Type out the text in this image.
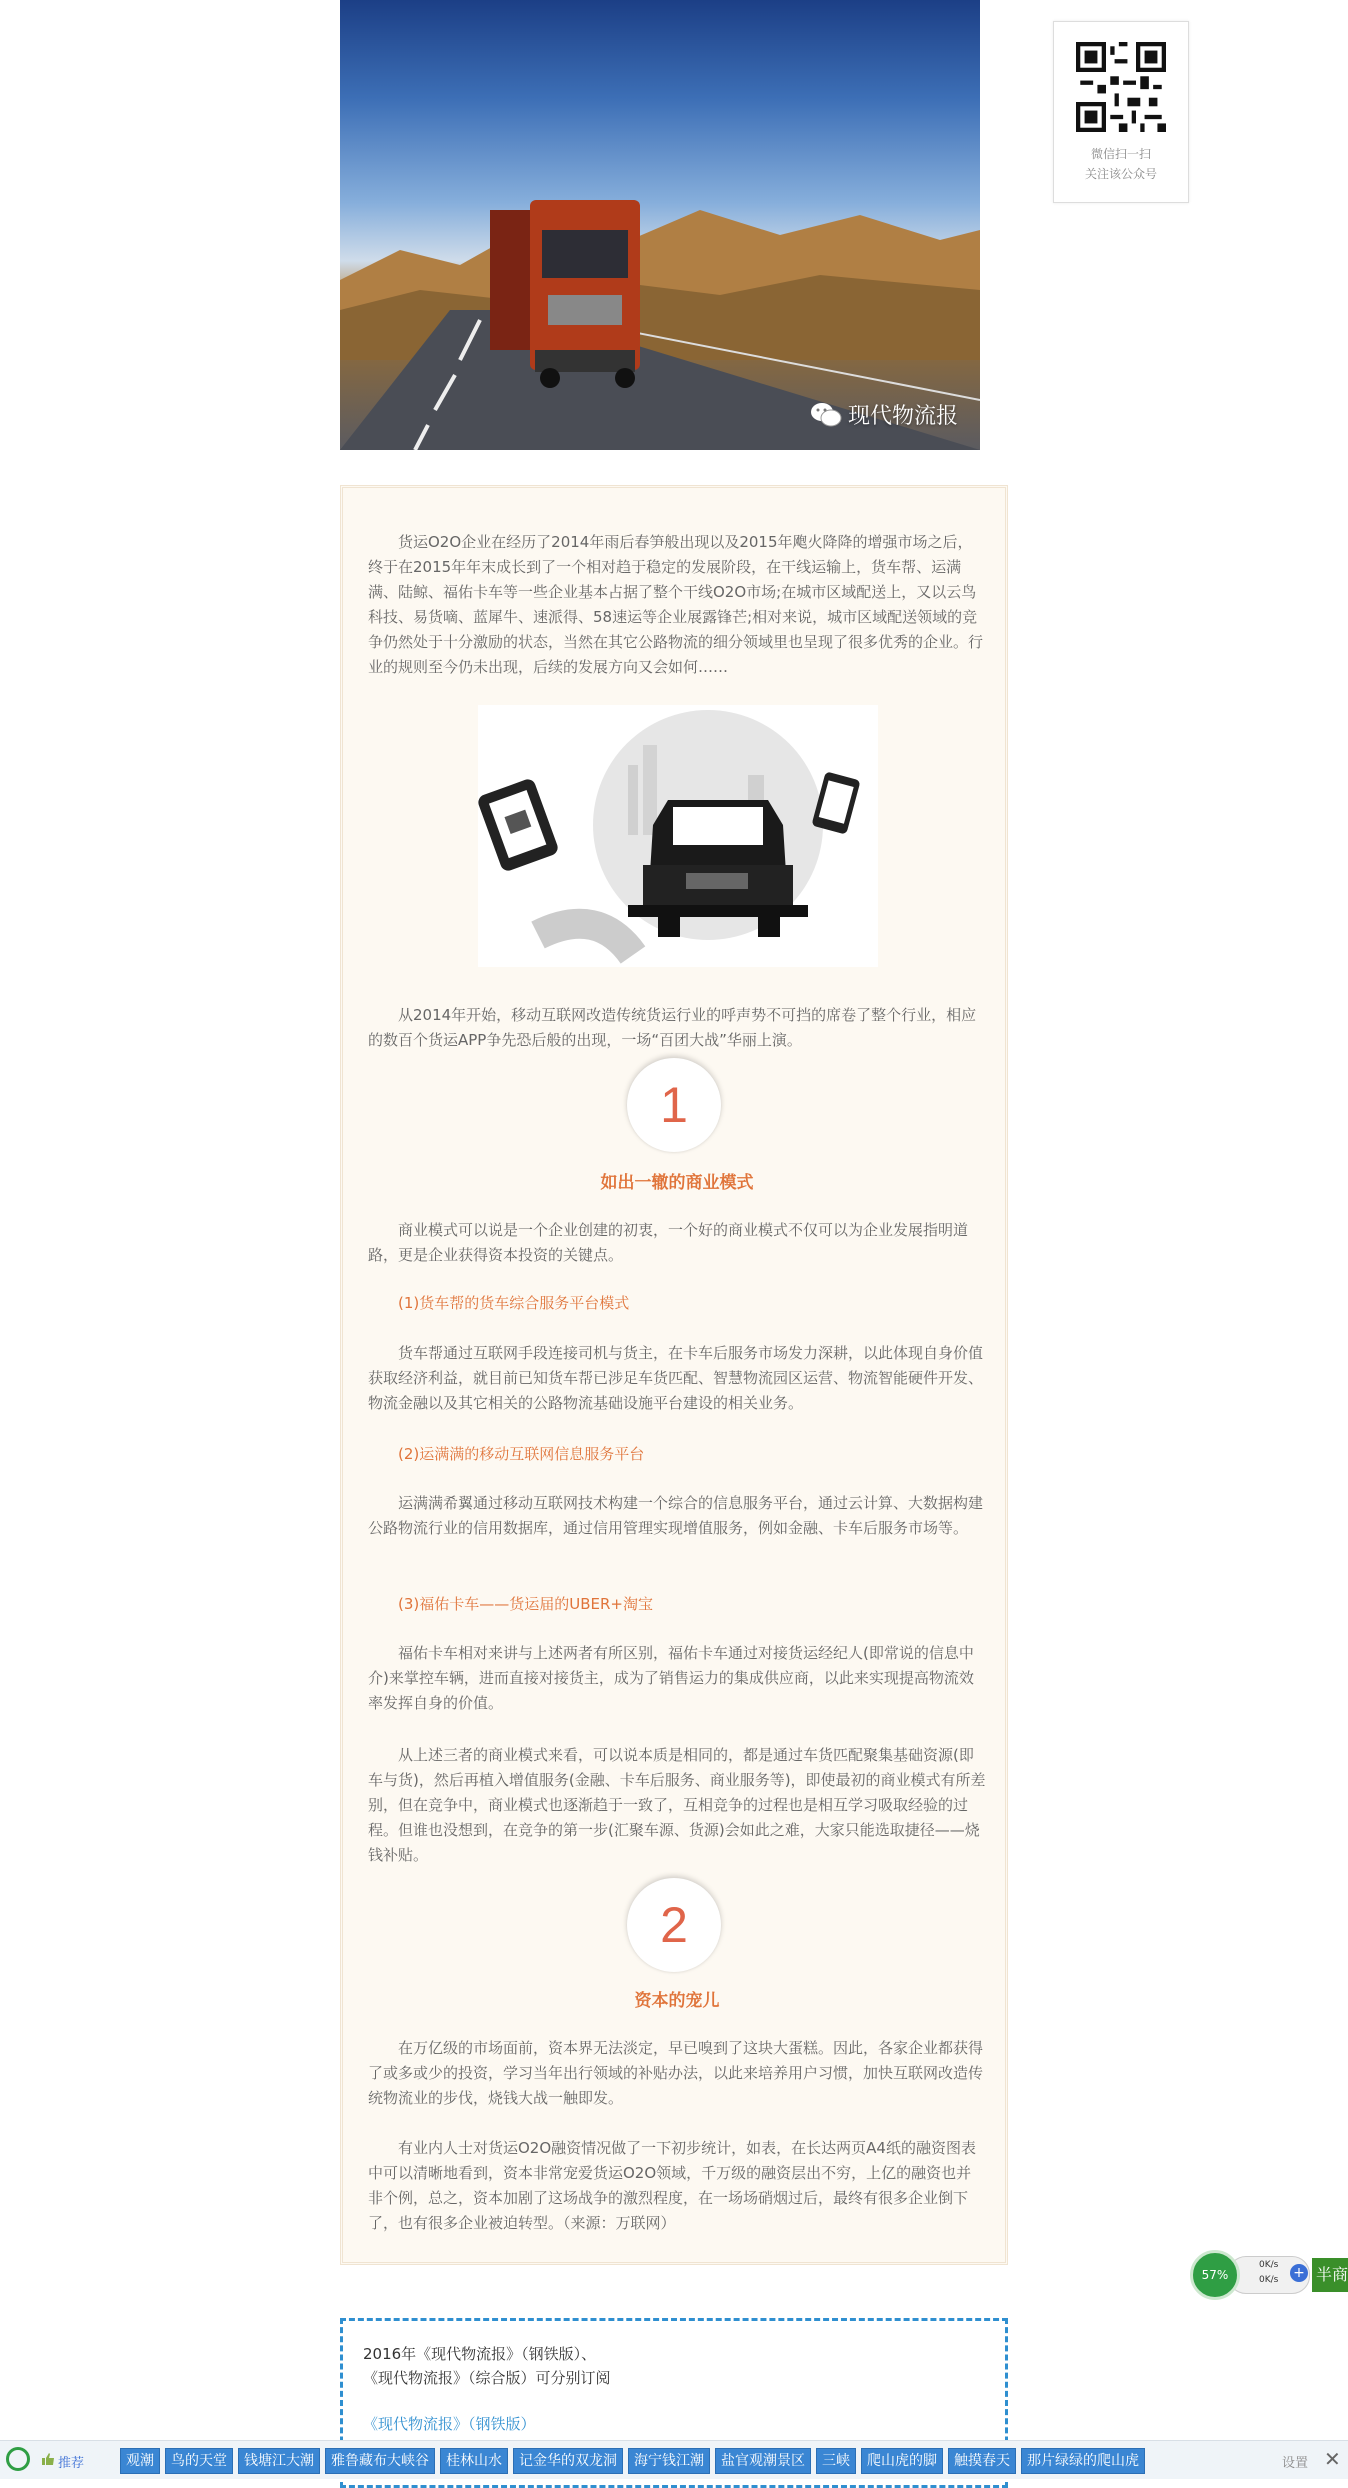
现代物流报
微信扫一扫
关注该公众号

货运O2O企业在经历了2014年雨后春笋般出现以及2015年飑火降降的增强市场之后，终于在2015年年末成长到了一个相对趋于稳定的发展阶段，在干线运输上，货车帮、运满满、陆鲸、福佑卡车等一些企业基本占据了整个干线O2O市场;在城市区域配送上，又以云鸟科技、易货嘀、蓝犀牛、速派得、58速运等企业展露锋芒;相对来说，城市区域配送领域的竞争仍然处于十分激励的状态，当然在其它公路物流的细分领域里也呈现了很多优秀的企业。行业的规则至今仍未出现，后续的发展方向又会如何……

从2014年开始，移动互联网改造传统货运行业的呼声势不可挡的席卷了整个行业，相应的数百个货运APP争先恐后般的出现，一场“百团大战”华丽上演。

1

如出一辙的商业模式

商业模式可以说是一个企业创建的初衷，一个好的商业模式不仅可以为企业发展指明道路，更是企业获得资本投资的关键点。

(1)货车帮的货车综合服务平台模式

货车帮通过互联网手段连接司机与货主，在卡车后服务市场发力深耕，以此体现自身价值获取经济利益，就目前已知货车帮已涉足车货匹配、智慧物流园区运营、物流智能硬件开发、物流金融以及其它相关的公路物流基础设施平台建设的相关业务。

(2)运满满的移动互联网信息服务平台

运满满希翼通过移动互联网技术构建一个综合的信息服务平台，通过云计算、大数据构建公路物流行业的信用数据库，通过信用管理实现增值服务，例如金融、卡车后服务市场等。

(3)福佑卡车——货运届的UBER+淘宝

福佑卡车相对来讲与上述两者有所区别，福佑卡车通过对接货运经纪人(即常说的信息中介)来掌控车辆，进而直接对接货主，成为了销售运力的集成供应商，以此来实现提高物流效率发挥自身的价值。

从上述三者的商业模式来看，可以说本质是相同的，都是通过车货匹配聚集基础资源(即车与货)，然后再植入增值服务(金融、卡车后服务、商业服务等)，即使最初的商业模式有所差别，但在竞争中，商业模式也逐渐趋于一致了，互相竞争的过程也是相互学习吸取经验的过程。但谁也没想到，在竞争的第一步(汇聚车源、货源)会如此之难，大家只能选取捷径——烧钱补贴。

2

资本的宠儿

在万亿级的市场面前，资本界无法淡定，早已嗅到了这块大蛋糕。因此，各家企业都获得了或多或少的投资，学习当年出行领域的补贴办法，以此来培养用户习惯，加快互联网改造传统物流业的步伐，烧钱大战一触即发。

有业内人士对货运O2O融资情况做了一下初步统计，如表，在长达两页A4纸的融资图表中可以清晰地看到，资本非常宠爱货运O2O领域，千万级的融资层出不穷，上亿的融资也并非个例，总之，资本加剧了这场战争的激烈程度，在一场场硝烟过后，最终有很多企业倒下了，也有很多企业被迫转型。（来源：万联网）

2016年《现代物流报》（钢铁版）、

《现代物流报》（综合版）可分别订阅

《现代物流报》（钢铁版）
0K/s
0K/s + 半商
57%
推荐	观潮	鸟的天堂	钱塘江大潮	雅鲁藏布大峡谷	桂林山水	记金华的双龙洞	海宁钱江潮	盐官观潮景区	三峡	爬山虎的脚	触摸春天	那片绿绿的爬山虎	设置 ✕
